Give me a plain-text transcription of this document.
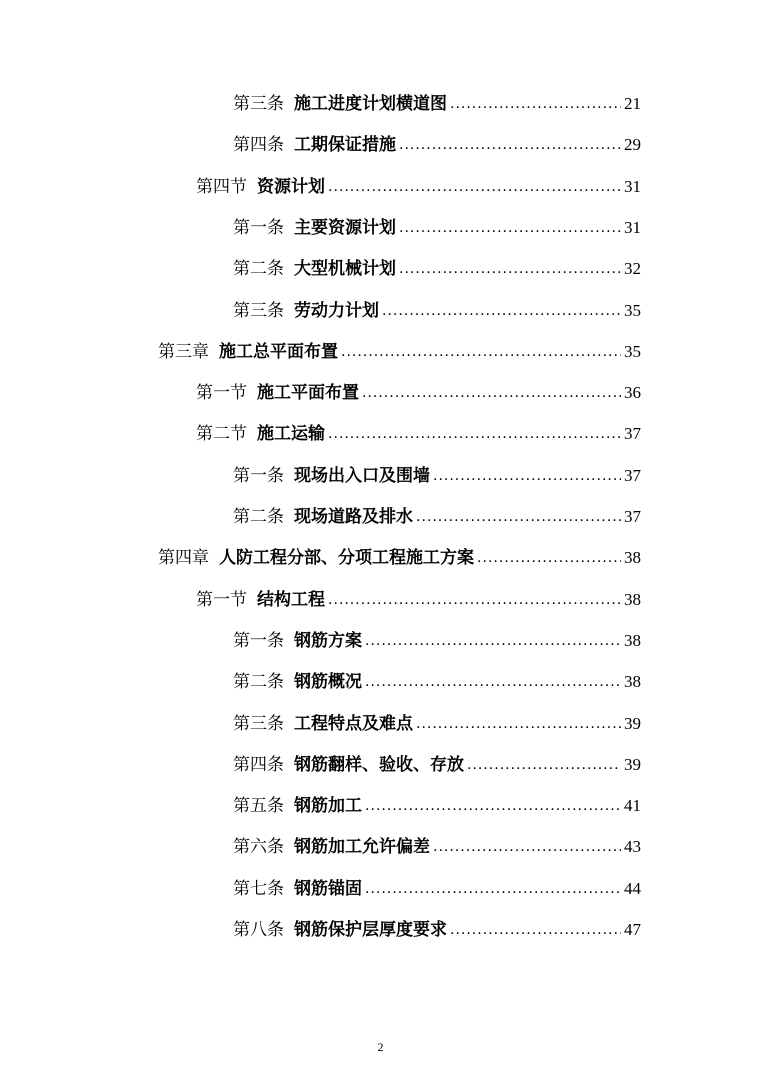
第三条 施工进度计划横道图 .....	21
第四条 工期保证措施 .....	29
第四节 资源计划 .....	31
第一条 主要资源计划 .....	31
第二条 大型机械计划 .....	32
第三条 劳动力计划 .....	35
第三章 施工总平面布置 .....	35
第一节 施工平面布置 .....	36
第二节 施工运输 .....	37
第一条 现场出入口及围墙 .....	37
第二条 现场道路及排水 .....	37
第四章 人防工程分部、分项工程施工方案 .....	38
第一节 结构工程 .....	38
第一条 钢筋方案 .....	38
第二条 钢筋概况 .....	38
第三条 工程特点及难点 .....	39
第四条 钢筋翻样、验收、存放 .....	39
第五条 钢筋加工 .....	41
第六条 钢筋加工允许偏差 .....	43
第七条 钢筋锚固 .....	44
第八条 钢筋保护层厚度要求 .....	47
2
